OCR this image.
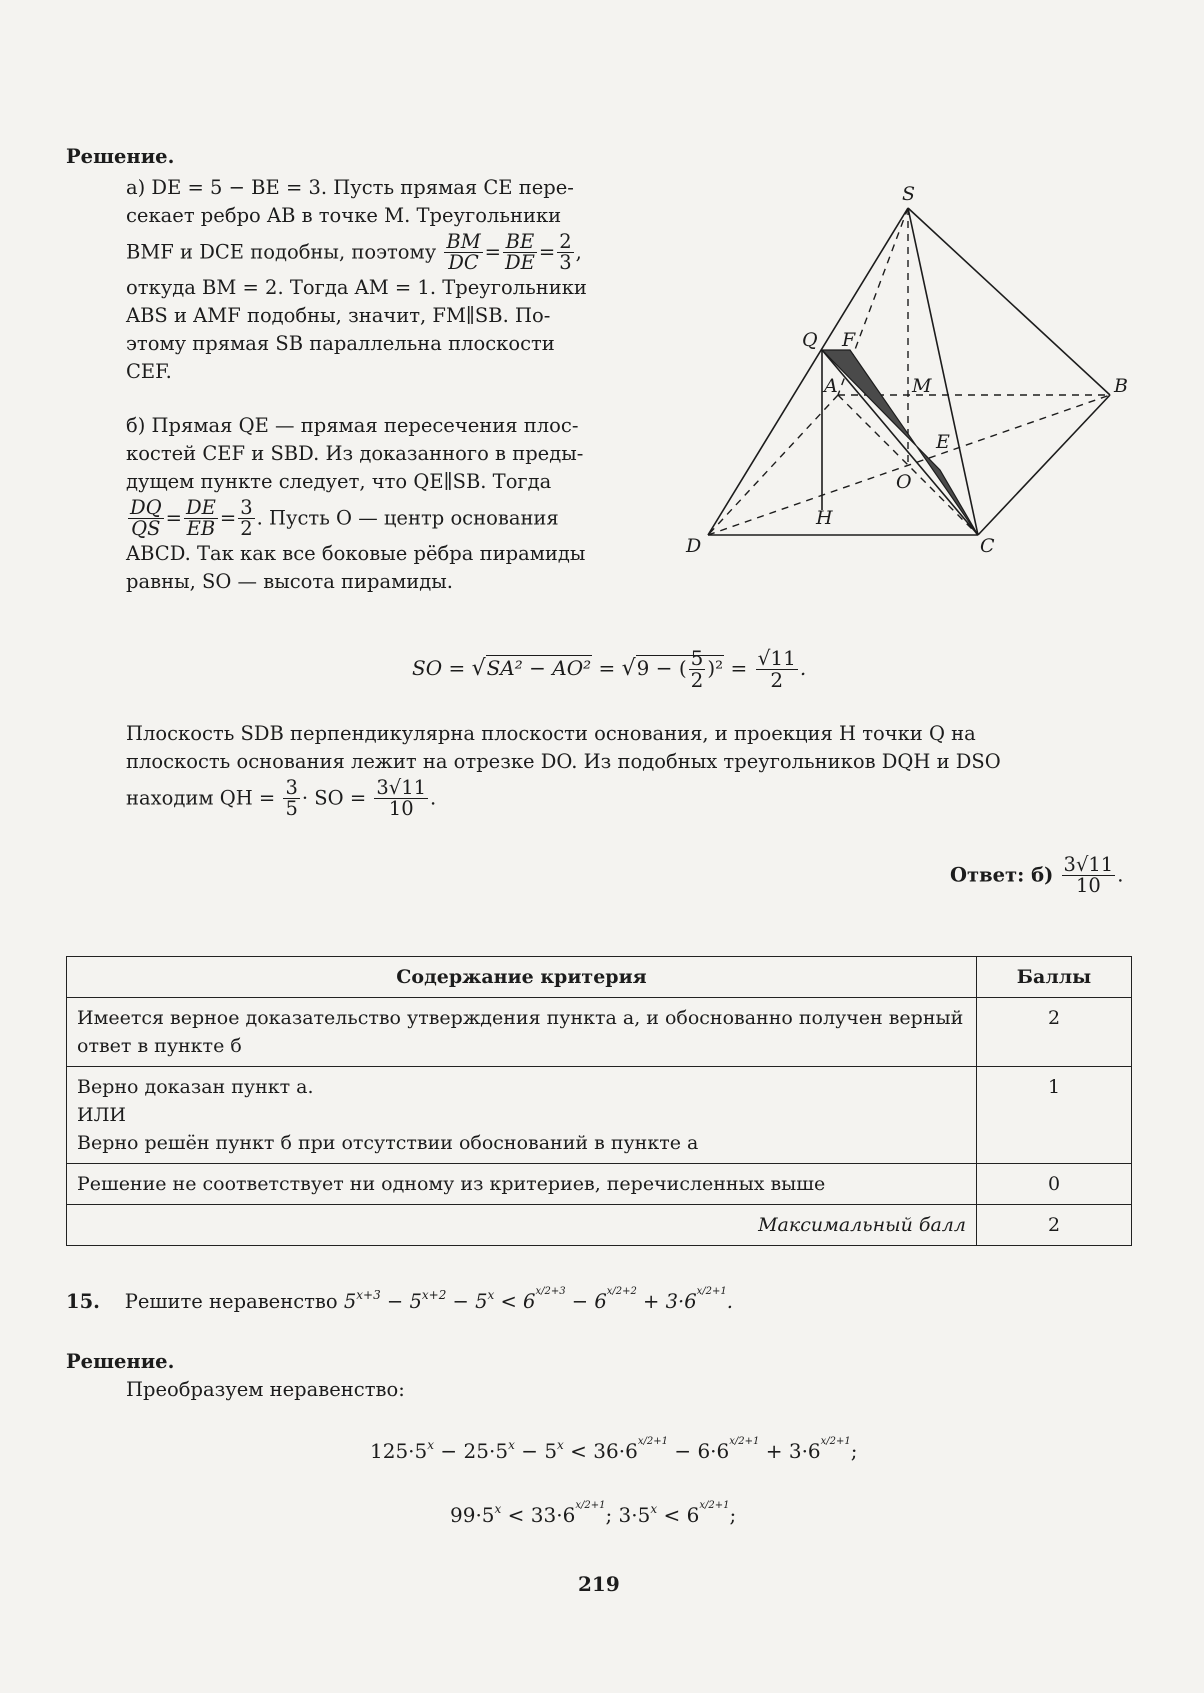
Решение.
а) DE = 5 − BE = 3. Пусть прямая CE пере-
секает ребро AB в точке M. Треугольники
BMF и DCE подобны, поэтому $\frac{BM}{DC} = \frac{BE}{DE} = \frac{2}{3}$ ,
откуда BM = 2. Тогда AM = 1. Треугольники
ABS и AMF подобны, значит, FM∥SB. По-
этому прямая SB параллельна плоскости
CEF.
б) Прямая QE — прямая пересечения плос-
костей CEF и SBD. Из доказанного в преды-
дущем пункте следует, что QE∥SB. Тогда
$\frac{DQ}{QS} = \frac{DE}{EB} = \frac{3}{2}$ . Пусть O — центр основания
ABCD. Так как все боковые рёбра пирамиды
равны, SO — высота пирамиды.
S
Q F
A	M	B
E
O
H
D	C
SO = √SA² − AO² = √9 − ( $\frac{5}{2} )^2 = \frac{√11}{2}$ .
Плоскость SDB перпендикулярна плоскости основания, и проекция H точки Q на
плоскость основания лежит на отрезке DO. Из подобных треугольников DQH и DSO
находим QH = $\frac{3}{5}$ · SO = $\frac{3√11}{10}$ .
Ответ: $б) \frac{3√11}{10}$ .
Содержание критерия	Баллы
Имеется верное доказательство утверждения пункта а, и обоснованно получен верный ответ в пункте б	2

Верно доказан пункт а.
ИЛИ
Верно решён пункт б при отсутствии обоснований в пункте а	1
Решение не соответствует ни одному из критериев, перечисленных выше	0
Максимальный балл	2
15. Решите неравенство $5^{x+3} - 5^{x+2} - 5^x < 6^{x/2+3} - 6^{x/2+2} + 3\cdot 6^{x/2+1}$.
Решение.
Преобразуем неравенство:
$125\cdot 5^x - 25\cdot 5^x - 5^x < 36\cdot 6^{x/2+1} - 6\cdot 6^{x/2+1} + 3\cdot 6^{x/2+1}$;
$99\cdot 5^x < 33\cdot 6^{x/2+1}$; $3\cdot 5^x < 6^{x/2+1}$;
219
